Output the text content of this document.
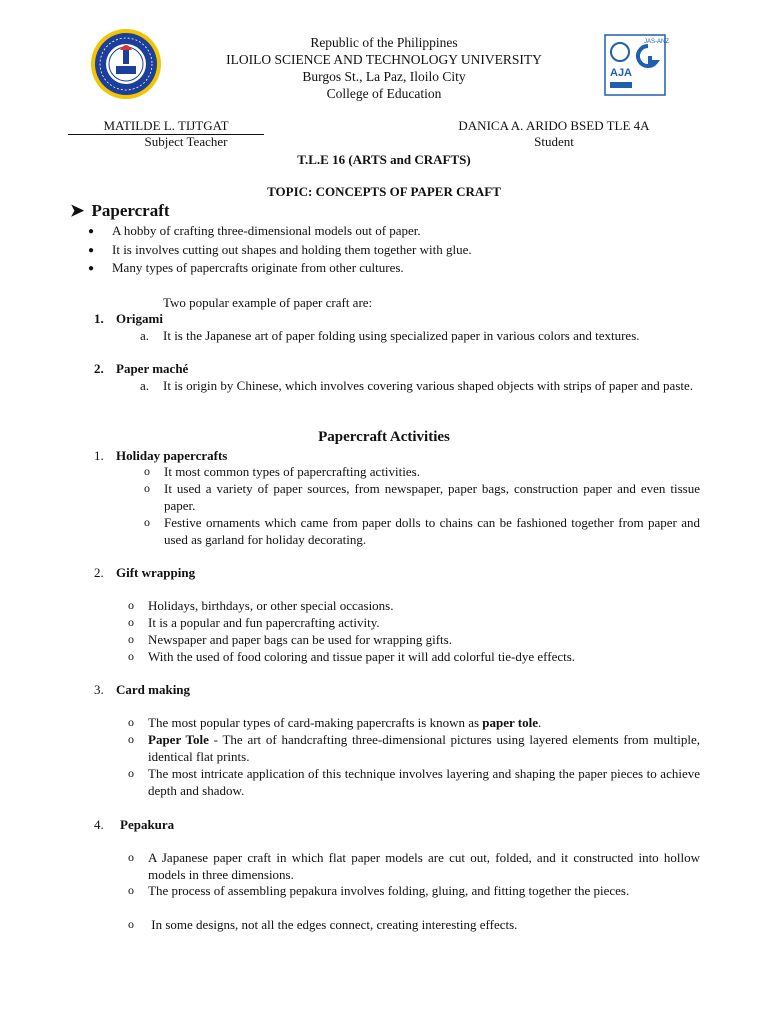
Republic of the Philippines
ILOILO SCIENCE AND TECHNOLOGY UNIVERSITY
Burgos St., La Paz, Iloilo City
College of Education
JAS-ANZ
AJA
MATILDE L. TIJTGAT
Subject Teacher
DANICA A. ARIDO BSED TLE 4A
Student
T.L.E 16 (ARTS and CRAFTS)
TOPIC: CONCEPTS OF PAPER CRAFT
➤ Papercraft
● A hobby of crafting three-dimensional models out of paper.
● It is involves cutting out shapes and holding them together with glue.
● Many types of papercrafts originate from other cultures.
Two popular example of paper craft are:
1. Origami
a. It is the Japanese art of paper folding using specialized paper in various colors and textures.
2. Paper maché
a. It is origin by Chinese, which involves covering various shaped objects with strips of paper and paste.
Papercraft Activities
1. Holiday papercrafts
o It most common types of papercrafting activities.
o It used a variety of paper sources, from newspaper, paper bags, construction paper and even tissue paper.
o Festive ornaments which came from paper dolls to chains can be fashioned together from paper and used as garland for holiday decorating.
2. Gift wrapping
o Holidays, birthdays, or other special occasions.
o It is a popular and fun papercrafting activity.
o Newspaper and paper bags can be used for wrapping gifts.
o With the used of food coloring and tissue paper it will add colorful tie-dye effects.
3. Card making
o The most popular types of card-making papercrafts is known as paper tole.
o Paper Tole - The art of handcrafting three-dimensional pictures using layered elements from multiple, identical flat prints.
o The most intricate application of this technique involves layering and shaping the paper pieces to achieve depth and shadow.
4. Pepakura
o A Japanese paper craft in which flat paper models are cut out, folded, and it constructed into hollow models in three dimensions.
o The process of assembling pepakura involves folding, gluing, and fitting together the pieces.
o In some designs, not all the edges connect, creating interesting effects.
